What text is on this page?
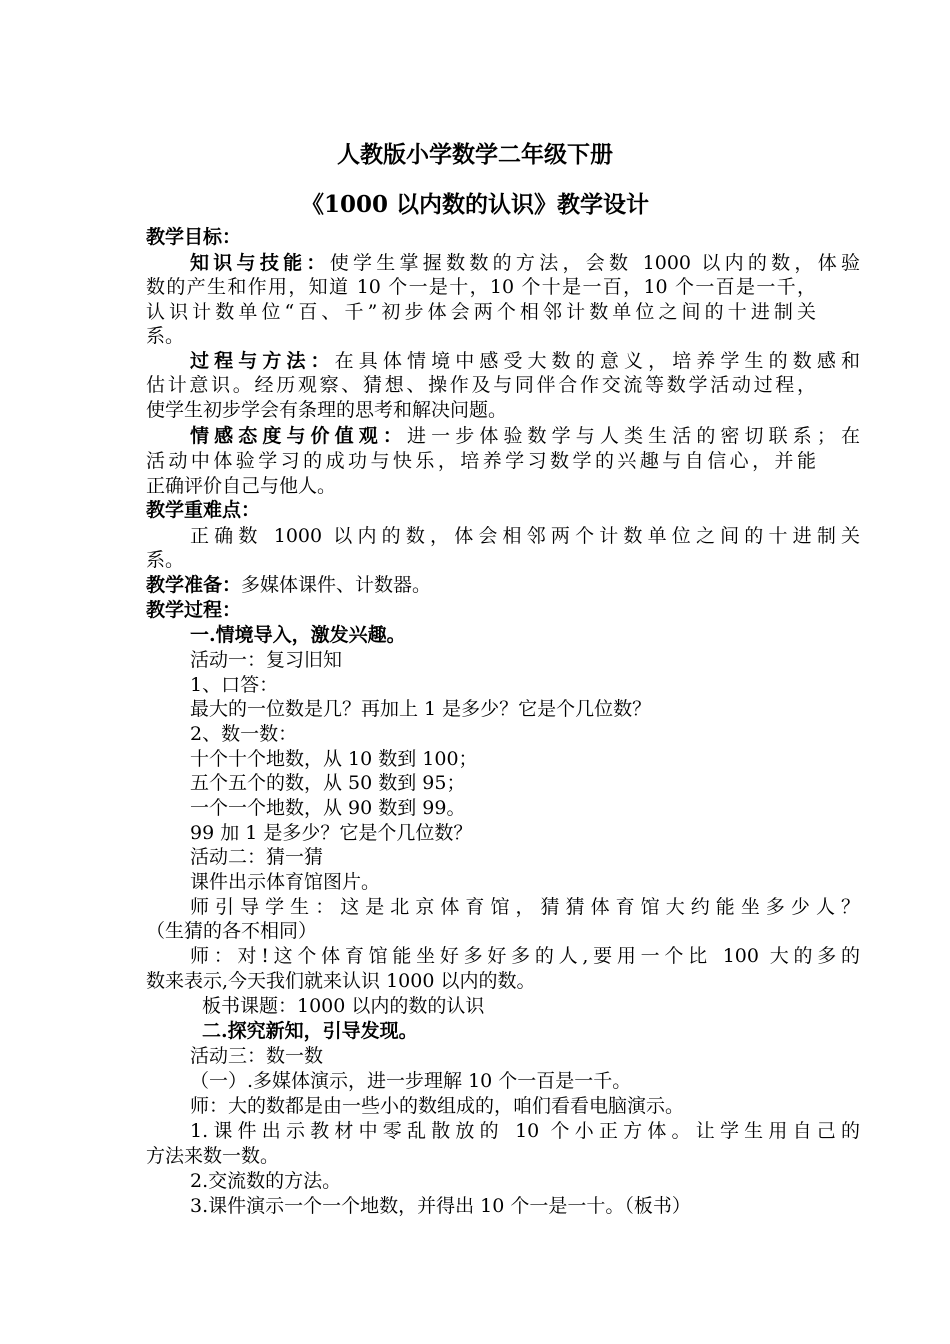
人教版小学数学二年级下册
《1000 以内数的认识》教学设计
教学目标：
知识与技能：使学生掌握数数的方法，会数 1000 以内的数，体验
数的产生和作用，知道 10 个一是十，10 个十是一百，10 个一百是一千，
认识计数单位“百、千”初步体会两个相邻计数单位之间的十进制关
系。
过程与方法：在具体情境中感受大数的意义，培养学生的数感和
估计意识。经历观察、猜想、操作及与同伴合作交流等数学活动过程，
使学生初步学会有条理的思考和解决问题。
情感态度与价值观：进一步体验数学与人类生活的密切联系；在
活动中体验学习的成功与快乐，培养学习数学的兴趣与自信心，并能
正确评价自己与他人。
教学重难点：
正确数 1000 以内的数，体会相邻两个计数单位之间的十进制关
系。
教学准备：多媒体课件、计数器。
教学过程：
一.情境导入，激发兴趣。
活动一：复习旧知
1、口答：
最大的一位数是几？再加上 1 是多少？它是个几位数？
2、数一数：
十个十个地数，从 10 数到 100；
五个五个的数，从 50 数到 95；
一个一个地数，从 90 数到 99。
99 加 1 是多少？它是个几位数？
活动二：猜一猜
课件出示体育馆图片。
师引导学生：这是北京体育馆，猜猜体育馆大约能坐多少人？
（生猜的各不相同）
师：对!这个体育馆能坐好多好多的人,要用一个比 100 大的多的
数来表示,今天我们就来认识 1000 以内的数。
板书课题：1000 以内的数的认识
二.探究新知，引导发现。
活动三：数一数
（一）.多媒体演示，进一步理解 10 个一百是一千。
师：大的数都是由一些小的数组成的，咱们看看电脑演示。
1.课件出示教材中零乱散放的 10 个小正方体。让学生用自己的
方法来数一数。
2.交流数的方法。
3.课件演示一个一个地数，并得出 10 个一是一十。（板书）
